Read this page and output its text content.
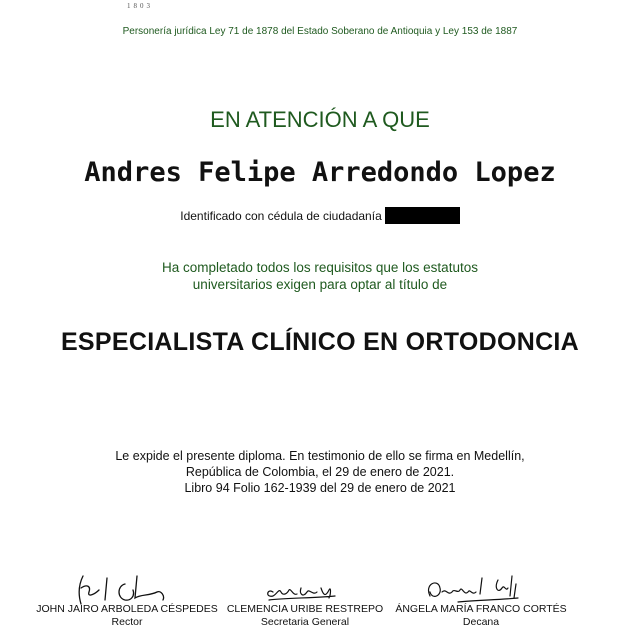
1803
Personería jurídica Ley 71 de 1878 del Estado Soberano de Antioquia y Ley 153 de 1887
EN ATENCIÓN A QUE
Andres Felipe Arredondo Lopez
Identificado con cédula de ciudadanía
Ha completado todos los requisitos que los estatutos
universitarios exigen para optar al título de
ESPECIALISTA CLÍNICO EN ORTODONCIA
Le expide el presente diploma. En testimonio de ello se firma en Medellín,
República de Colombia, el 29 de enero de 2021.
Libro 94 Folio 162-1939 del 29 de enero de 2021
JOHN JAIRO ARBOLEDA CÉSPEDES
Rector
CLEMENCIA URIBE RESTREPO
Secretaria General
ÁNGELA MARÍA FRANCO CORTÉS
Decana
